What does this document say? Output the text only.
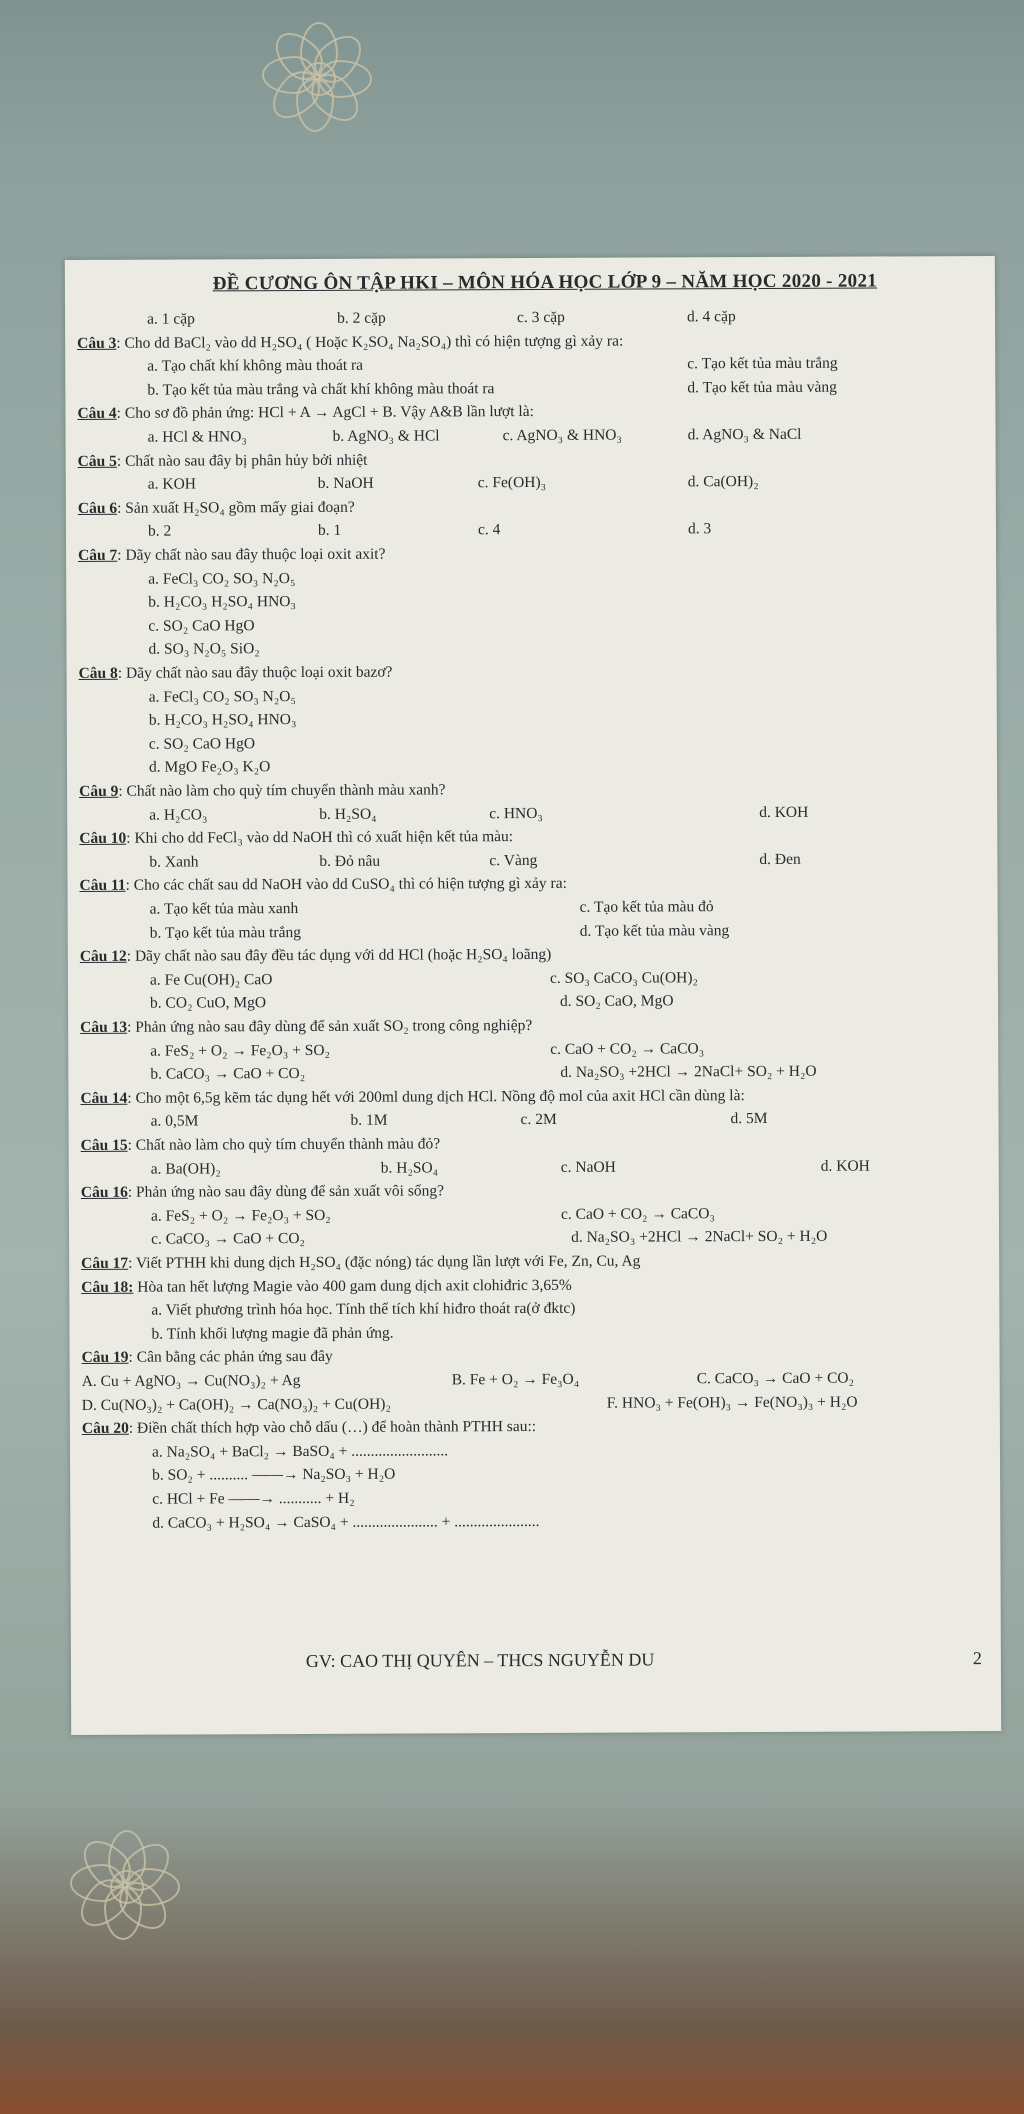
ĐỀ CƯƠNG ÔN TẬP HKI – MÔN HÓA HỌC LỚP 9 – NĂM HỌC 2020 - 2021
a. 1 cặp	b. 2 cặp	c. 3 cặp	d. 4 cặp
Câu 3: Cho dd BaCl₂ vào dd H₂SO₄ ( Hoặc K₂SO₄ Na₂SO₄) thì có hiện tượng gì xảy ra:
a. Tạo chất khí không màu thoát ra	c. Tạo kết tủa màu trắng
b. Tạo kết tủa màu trắng và chất khí không màu thoát ra	d. Tạo kết tủa màu vàng
Câu 4: Cho sơ đồ phản ứng: HCl + A → AgCl + B. Vậy A&B lần lượt là:
a. HCl & HNO₃	b. AgNO₃ & HCl	c. AgNO₃ & HNO₃	d. AgNO₃ & NaCl
Câu 5: Chất nào sau đây bị phân hủy bởi nhiệt
a. KOH	b. NaOH	c. Fe(OH)₃	d. Ca(OH)₂
Câu 6: Sản xuất H₂SO₄ gồm mấy giai đoạn?
b. 2	b. 1	c. 4	d. 3
Câu 7: Dãy chất nào sau đây thuộc loại oxit axit?
a. FeCl₃ CO₂ SO₃ N₂O₅
b. H₂CO₃ H₂SO₄ HNO₃
c. SO₂ CaO HgO
d. SO₃ N₂O₅ SiO₂
Câu 8: Dãy chất nào sau đây thuộc loại oxit bazơ?
a. FeCl₃ CO₂ SO₃ N₂O₅
b. H₂CO₃ H₂SO₄ HNO₃
c. SO₂ CaO HgO
d. MgO Fe₂O₃ K₂O
Câu 9: Chất nào làm cho quỳ tím chuyển thành màu xanh?
a. H₂CO₃	b. H₂SO₄	c. HNO₃	d. KOH
Câu 10: Khi cho dd FeCl₃ vào dd NaOH thì có xuất hiện kết tủa màu:
b. Xanh	b. Đỏ nâu	c. Vàng	d. Đen
Câu 11: Cho các chất sau dd NaOH vào dd CuSO₄ thì có hiện tượng gì xảy ra:
a. Tạo kết tủa màu xanh	c. Tạo kết tủa màu đỏ
b. Tạo kết tủa màu trắng	d. Tạo kết tủa màu vàng
Câu 12: Dãy chất nào sau đây đều tác dụng với dd HCl (hoặc H₂SO₄ loãng)
a. Fe Cu(OH)₂ CaO	c. SO₃ CaCO₃ Cu(OH)₂
b. CO₂ CuO, MgO	d. SO₂ CaO, MgO
Câu 13: Phản ứng nào sau đây dùng để sản xuất SO₂ trong công nghiệp?
a. FeS₂ + O₂ → Fe₂O₃ + SO₂	c. CaO + CO₂ → CaCO₃
b. CaCO₃ → CaO + CO₂	d. Na₂SO₃ +2HCl → 2NaCl+ SO₂ + H₂O
Câu 14: Cho một 6,5g kẽm tác dụng hết với 200ml dung dịch HCl. Nồng độ mol của axit HCl cần dùng là:
a. 0,5M	b. 1M	c. 2M	d. 5M
Câu 15: Chất nào làm cho quỳ tím chuyển thành màu đỏ?
a. Ba(OH)₂	b. H₂SO₄	c. NaOH	d. KOH
Câu 16: Phản ứng nào sau đây dùng để sản xuất vôi sống?
a. FeS₂ + O₂ → Fe₂O₃ + SO₂	c. CaO + CO₂ → CaCO₃
c. CaCO₃ → CaO + CO₂	d. Na₂SO₃ +2HCl → 2NaCl+ SO₂ + H₂O
Câu 17: Viết PTHH khi dung dịch H₂SO₄ (đặc nóng) tác dụng lần lượt với Fe, Zn, Cu, Ag
Câu 18: Hòa tan hết lượng Magie vào 400 gam dung dịch axit clohiđric 3,65%
a. Viết phương trình hóa học. Tính thể tích khí hiđro thoát ra(ở đktc)
b. Tính khối lượng magie đã phản ứng.
Câu 19: Cân bằng các phản ứng sau đây
A. Cu + AgNO₃ → Cu(NO₃)₂ + Ag	B. Fe + O₂ → Fe₃O₄	C. CaCO₃ → CaO + CO₂
D. Cu(NO₃)₂ + Ca(OH)₂ → Ca(NO₃)₂ + Cu(OH)₂	F. HNO₃ + Fe(OH)₃ → Fe(NO₃)₃ + H₂O
Câu 20: Điền chất thích hợp vào chỗ dấu (…) để hoàn thành PTHH sau::
a. Na₂SO₄ + BaCl₂ → BaSO₄ + .........................
b. SO₂ + .......... ——→ Na₂SO₃ + H₂O
c. HCl + Fe ——→ ........... + H₂
d. CaCO₃ + H₂SO₄ → CaSO₄ + ...................... + ......................
GV: CAO THỊ QUYÊN – THCS NGUYỄN DU	2
